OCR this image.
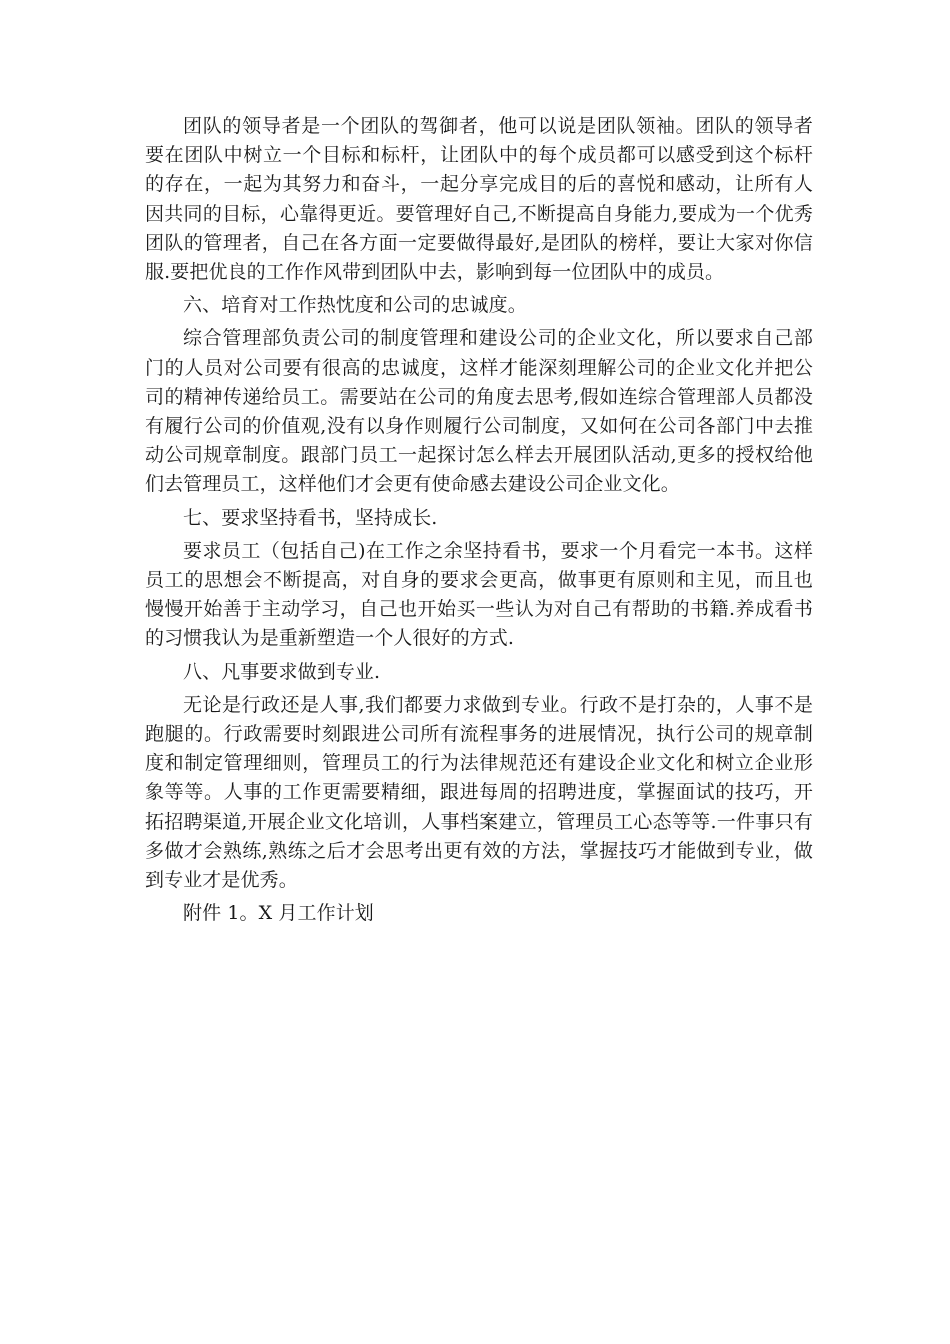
团队的领导者是一个团队的驾御者，他可以说是团队领袖。团队的领导者要在团队中树立一个目标和标杆，让团队中的每个成员都可以感受到这个标杆的存在，一起为其努力和奋斗，一起分享完成目的后的喜悦和感动，让所有人因共同的目标，心靠得更近。要管理好自己,不断提高自身能力,要成为一个优秀团队的管理者，自己在各方面一定要做得最好,是团队的榜样，要让大家对你信服.要把优良的工作作风带到团队中去，影响到每一位团队中的成员。

六、培育对工作热忱度和公司的忠诚度。

综合管理部负责公司的制度管理和建设公司的企业文化，所以要求自己部门的人员对公司要有很高的忠诚度，这样才能深刻理解公司的企业文化并把公司的精神传递给员工。需要站在公司的角度去思考,假如连综合管理部人员都没有履行公司的价值观,没有以身作则履行公司制度，又如何在公司各部门中去推动公司规章制度。跟部门员工一起探讨怎么样去开展团队活动,更多的授权给他们去管理员工，这样他们才会更有使命感去建设公司企业文化。

七、要求坚持看书，坚持成长.

要求员工（包括自己)在工作之余坚持看书，要求一个月看完一本书。这样员工的思想会不断提高，对自身的要求会更高，做事更有原则和主见，而且也慢慢开始善于主动学习，自己也开始买一些认为对自己有帮助的书籍.养成看书的习惯我认为是重新塑造一个人很好的方式.

八、凡事要求做到专业.

无论是行政还是人事,我们都要力求做到专业。行政不是打杂的，人事不是跑腿的。行政需要时刻跟进公司所有流程事务的进展情况，执行公司的规章制度和制定管理细则，管理员工的行为法律规范还有建设企业文化和树立企业形象等等。人事的工作更需要精细，跟进每周的招聘进度，掌握面试的技巧，开拓招聘渠道,开展企业文化培训，人事档案建立，管理员工心态等等.一件事只有多做才会熟练,熟练之后才会思考出更有效的方法，掌握技巧才能做到专业，做到专业才是优秀。

附件 1。X 月工作计划
